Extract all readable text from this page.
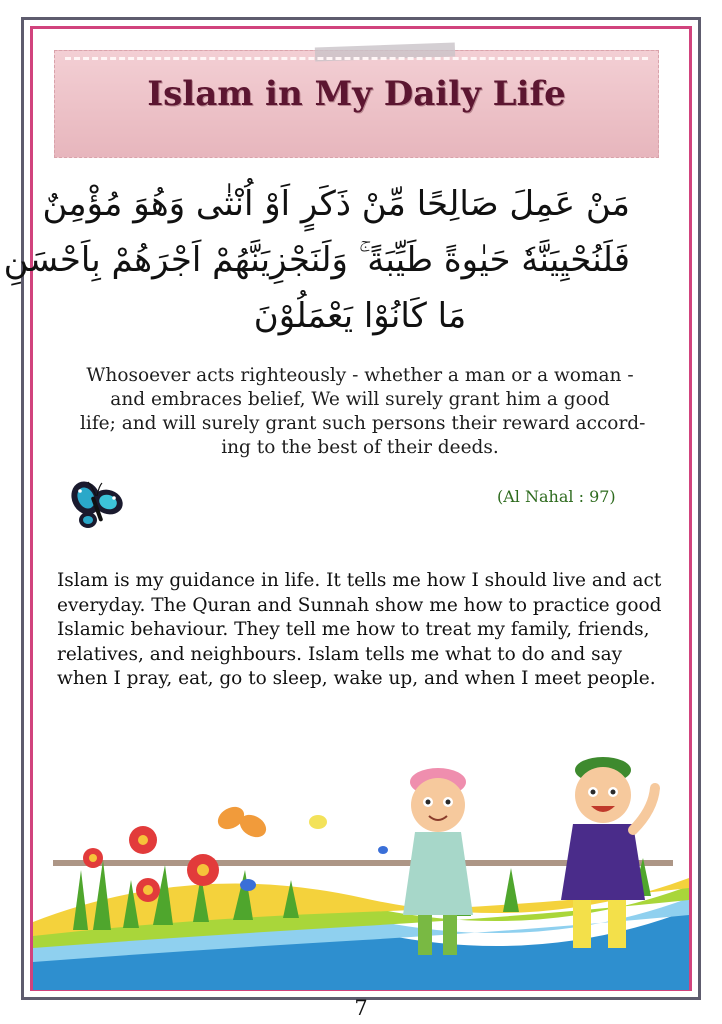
Islam in My Daily Life
مَنْ عَمِلَ صَالِحًا مِّنْ ذَكَرٍ اَوْ اُنْثٰى وَهُوَ مُؤْمِنٌ
فَلَنُحْيِيَنَّهٗ حَيٰوةً طَيِّبَةً ۚ وَلَنَجْزِيَنَّهُمْ اَجْرَهُمْ بِاَحْسَنِ
مَا كَانُوْا يَعْمَلُوْنَ
Whosoever acts righteously - whether a man or a woman -
and embraces belief, We will surely grant him a good
life; and will surely grant such persons their reward accord-
ing to the best of their deeds.
(Al Nahal : 97)
Islam is my guidance in life. It tells me how I should live and act
everyday. The Quran and Sunnah show me how to practice good
Islamic behaviour. They tell me how to treat my family, friends,
relatives, and neighbours. Islam tells me what to do and say
when I pray, eat, go to sleep, wake up, and when I meet people.
7
